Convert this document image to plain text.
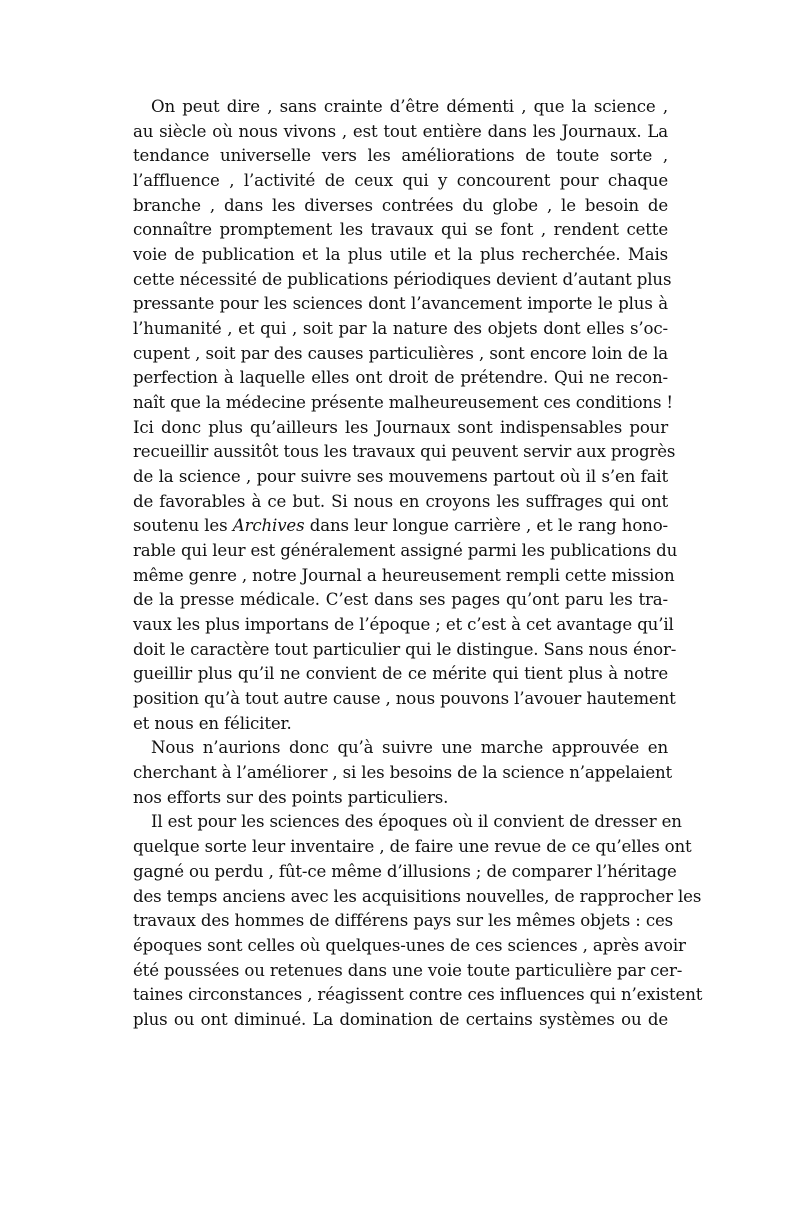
On peut dire , sans crainte d’être démenti , que la science ,
au siècle où nous vivons , est tout entière dans les Journaux. La
tendance universelle vers les améliorations de toute sorte ,
l’affluence , l’activité de ceux qui y concourent pour chaque
branche , dans les diverses contrées du globe , le besoin de
connaître promptement les travaux qui se font , rendent cette
voie de publication et la plus utile et la plus recherchée. Mais
cette nécessité de publications périodiques devient d’autant plus
pressante pour les sciences dont l’avancement importe le plus à
l’humanité , et qui , soit par la nature des objets dont elles s’oc-
cupent , soit par des causes particulières , sont encore loin de la
perfection à laquelle elles ont droit de prétendre. Qui ne recon-
naît que la médecine présente malheureusement ces conditions !
Ici donc plus qu’ailleurs les Journaux sont indispensables pour
recueillir aussitôt tous les travaux qui peuvent servir aux progrès
de la science , pour suivre ses mouvemens partout où il s’en fait
de favorables à ce but. Si nous en croyons les suffrages qui ont
soutenu les Archives dans leur longue carrière , et le rang hono-
rable qui leur est généralement assigné parmi les publications du
même genre , notre Journal a heureusement rempli cette mission
de la presse médicale. C’est dans ses pages qu’ont paru les tra-
vaux les plus importans de l’époque ; et c’est à cet avantage qu’il
doit le caractère tout particulier qui le distingue. Sans nous énor-
gueillir plus qu’il ne convient de ce mérite qui tient plus à notre
position qu’à tout autre cause , nous pouvons l’avouer hautement
et nous en féliciter.
Nous n’aurions donc qu’à suivre une marche approuvée en
cherchant à l’améliorer , si les besoins de la science n’appelaient
nos efforts sur des points particuliers.
Il est pour les sciences des époques où il convient de dresser en
quelque sorte leur inventaire , de faire une revue de ce qu’elles ont
gagné ou perdu , fût-ce même d’illusions ; de comparer l’héritage
des temps anciens avec les acquisitions nouvelles, de rapprocher les
travaux des hommes de différens pays sur les mêmes objets : ces
époques sont celles où quelques-unes de ces sciences , après avoir
été poussées ou retenues dans une voie toute particulière par cer-
taines circonstances , réagissent contre ces influences qui n’existent
plus ou ont diminué. La domination de certains systèmes ou de
